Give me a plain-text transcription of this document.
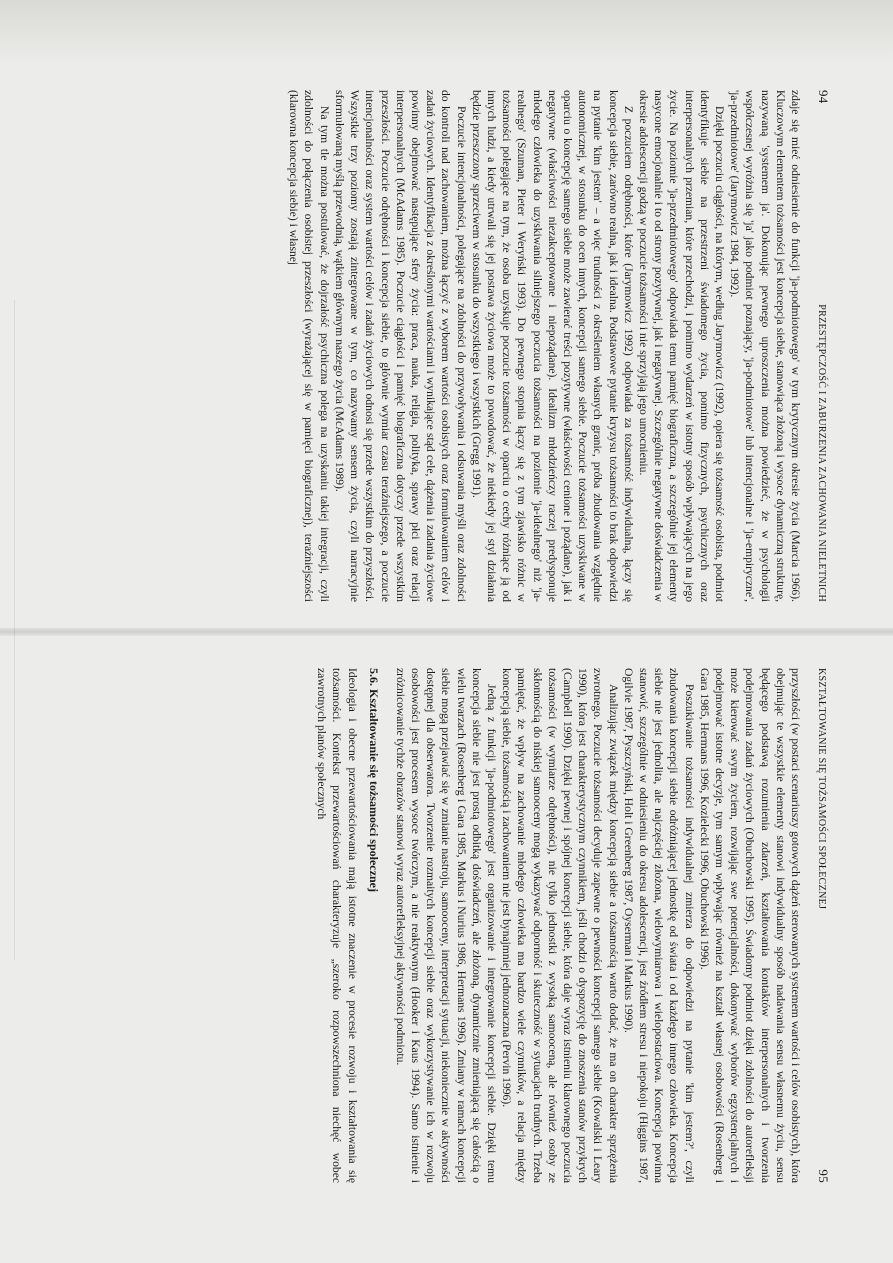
94
PRZESTĘPCZOŚĆ I ZABURZENIA ZACHOWANIA NIELETNICH

zdaje się mieć odniesienie do funkcji 'ja-podmiotowego' w tym krytycznym okresie życia (Marcia 1966). Kluczowym elementem tożsamości jest koncepcja siebie, stanowiąca złożoną i wysoce dynamiczną strukturę, nazywaną 'systemem ja'. Dokonując pewnego uproszczenia można powiedzieć, że w psychologii współczesnej wyróżnia się 'ja' jako podmiot poznający, 'ja-podmiotowe' lub intencjonalne i 'ja-empiryczne', 'ja-przedmiotowe' (Jarymowicz 1984, 1992).

Dzięki poczuciu ciągłości, na którym, według Jarymowicz (1992), opiera się tożsamość osobista, podmiot identyfikuje siebie na przestrzeni świadomego życia, pomimo fizycznych, psychicznych oraz interpersonalnych przemian, które przechodzi, i pomimo wydarzeń w istotny sposób wpływających na jego życie. Na poziomie 'ja-przedmiotowego' odpowiada temu pamięć biograficzna, a szczególnie jej elementy nasycone emocjonalnie i to od strony pozytywnej, jak i negatywnej. Szczególnie negatywne doświadczenia w okresie adolescencji godzą w poczucie tożsamości i nie sprzyjają jego umocnieniu.

Z poczuciem odrębności, które (Jarymowicz 1992) odpowiada za tożsamość indywidualną, łączy się koncepcja siebie, zarówno realna, jak i idealna. Podstawowe pytanie kryzysu tożsamości to brak odpowiedzi na pytanie 'kim jestem' – a więc trudności z określeniem własnych granic, próba zbudowania względnie autonomicznej, w stosunku do ocen innych, koncepcji samego siebie. Poczucie tożsamości uzyskiwane w oparciu o koncepcję samego siebie może zawierać treści pozytywne (właściwości cenione i pożądane), jak i negatywne (właściwości niezakceptowane i niepożądane). Idealizm młodzieńczy raczej predysponuje młodego człowieka do uzyskiwania silniejszego poczucia tożsamości na poziomie 'ja-idealnego' niż 'ja-realnego' (Szuman, Pieter i Weryński 1993). Do pewnego stopnia łączy się z tym zjawisko różnic w tożsamości polegające na tym, że osoba uzyskuje poczucie tożsamości w oparciu o cechy różniące ją od innych ludzi, a kiedy utrwali się jej postawa życiowa może to powodować, że niekiedy jej styl działania będzie przeszczony sprzeciwem w stosunku do wszystkiego i wszystkich (Gregg 1991).

Poczucie intencjonalności, polegające na zdolności do przywoływania i odsuwania myśli oraz zdolności do kontroli nad zachowaniem, można łączyć z wyborem wartości osobistych oraz formułowaniem celów i zadań życiowych. Identyfikacja z określonymi wartościami i wynikające stąd cele, dążenia i zadania życiowe powinny obejmować następujące sfery życia: praca, nauka, religia, polityka, sprawy płci oraz relacji interpersonalnych (McAdams 1985). Poczucie ciągłości i pamięć biograficzna dotyczy przede wszystkim przeszłości. Poczucie odrębności i koncepcja siebie, to głównie wymiar czasu teraźniejszego, a poczucie intencjonalności oraz system wartości celów i zadań życiowych odnosi się przede wszystkim do przyszłości. Wszystkie trzy poziomy zostają zintegrowane w tym, co nazywamy sensem życia, czyli narracyjnie sformułowaną myślą przewodnią, wątkiem głównym naszego życia (McAdams 1989).

Na tym tle można postulować, że dojrzałość psychiczna polega na uzyskaniu takiej integracji, czyli zdolności do połączenia osobistej przeszłości (wyrażającej się w pamięci biograficznej), teraźniejszości (klarowna koncepcja siebie) i własnej

KSZTAŁTOWANIE SIĘ TOŻSAMOŚCI SPOŁECZNEJ
95

przyszłości (w postaci scenariuszy gotowych dążeń sterowanych systemem wartości i celów osobistych), która obejmując te wszystkie elementy stanowi indywidualny sposób nadawania sensu własnemu życiu, sensu będącego podstawą rozumienia zdarzeń, kształtowania kontaktów interpersonalnych i tworzenia podejmowania zadań życiowych (Obuchowski 1995). Świadomy podmiot dzięki zdolności do autorefleksji może kierować swym życiem, rozwijając swe potencjalności, dokonywać wyborów egzystencjalnych i podejmować istotne decyzje, tym samym wpływając również na kształt własnej osobowości (Rosenberg i Gara 1985, Hermans 1996, Kozielecki 1996, Obuchowski 1996).

Poszukiwanie tożsamości indywidualnej zmierza do odpowiedzi na pytanie 'kim jestem?', czyli zbudowania koncepcji siebie odróżniającej jednostkę od świata i od każdego innego człowieka. Koncepcja siebie nie jest jednolita, ale najczęściej złożona, wielowymiarowa i wielopostaciowa. Koncepcja powinna stanowić, szczególnie w odniesieniu do okresu adolescencji, jest źródłem stresu i niepokoju (Higgins 1987, Ogilvie 1987, Pyszczyński, Holt i Greenberg 1987, Oyserman i Markus 1990).

Analizując związek między koncepcją siebie a tożsamością warto dodać, że ma on charakter sprzężenia zwrotnego. Poczucie tożsamości decyduje zapewne o pewności koncepcji samego siebie (Kowalski i Leary 1990), która jest charakterystycznym czynnikiem, jeśli chodzi o dyspozycję do znoszenia stanów przykrych (Campbell 1990). Dzięki pewnej i spójnej koncepcji siebie, która daje wyraz istnieniu klarownego poczucia tożsamości (w wymiarze odrębności), nie tylko jednostki z wysoką samooceną, ale również osoby ze skłonnością do niskiej samooceny mogą wykazywać odporność i skuteczność w sytuacjach trudnych. Trzeba pamiętać, że wpływ na zachowanie młodego człowieka ma bardzo wiele czynników, a relacja między koncepcją siebie, tożsamością i zachowaniem nie jest bynajmniej jednoznaczna (Pervin 1996).

Jedną z funkcji 'ja-podmiotowego' jest organizowanie i integrowanie koncepcji siebie. Dzięki temu koncepcja siebie nie jest prostą odbitką doświadczeń, ale złożoną, dynamicznie zmieniającą się całością o wielu twarzach (Rosenberg i Gara 1985, Markus i Nurius 1986, Hermans 1996). Zmiany w ramach koncepcji siebie mogą przejawiać się w zmianie nastroju, samooceny, interpretacji sytuacji, niekoniecznie w aktywności dostępnej dla obserwatora. Tworzenie rozmaitych koncepcji siebie oraz wykorzystywanie ich w rozwoju osobowości jest procesem wysoce twórczym, a nie reaktywnym (Hooker i Kaus 1994). Samo istnienie i zróżnicowanie tychże obrazów stanowi wyraz autorefleksyjnej aktywności podmiotu.

5.6. Kształtowanie się tożsamości społecznej

Ideologia i obecne przewartościowania mają istotne znaczenie w procesie rozwoju i kształtowania się tożsamości. Kontekst przewartościowań charakteryzuje „szeroko rozpowszechniona niechęć wobec zawrotnych planów społecznych
